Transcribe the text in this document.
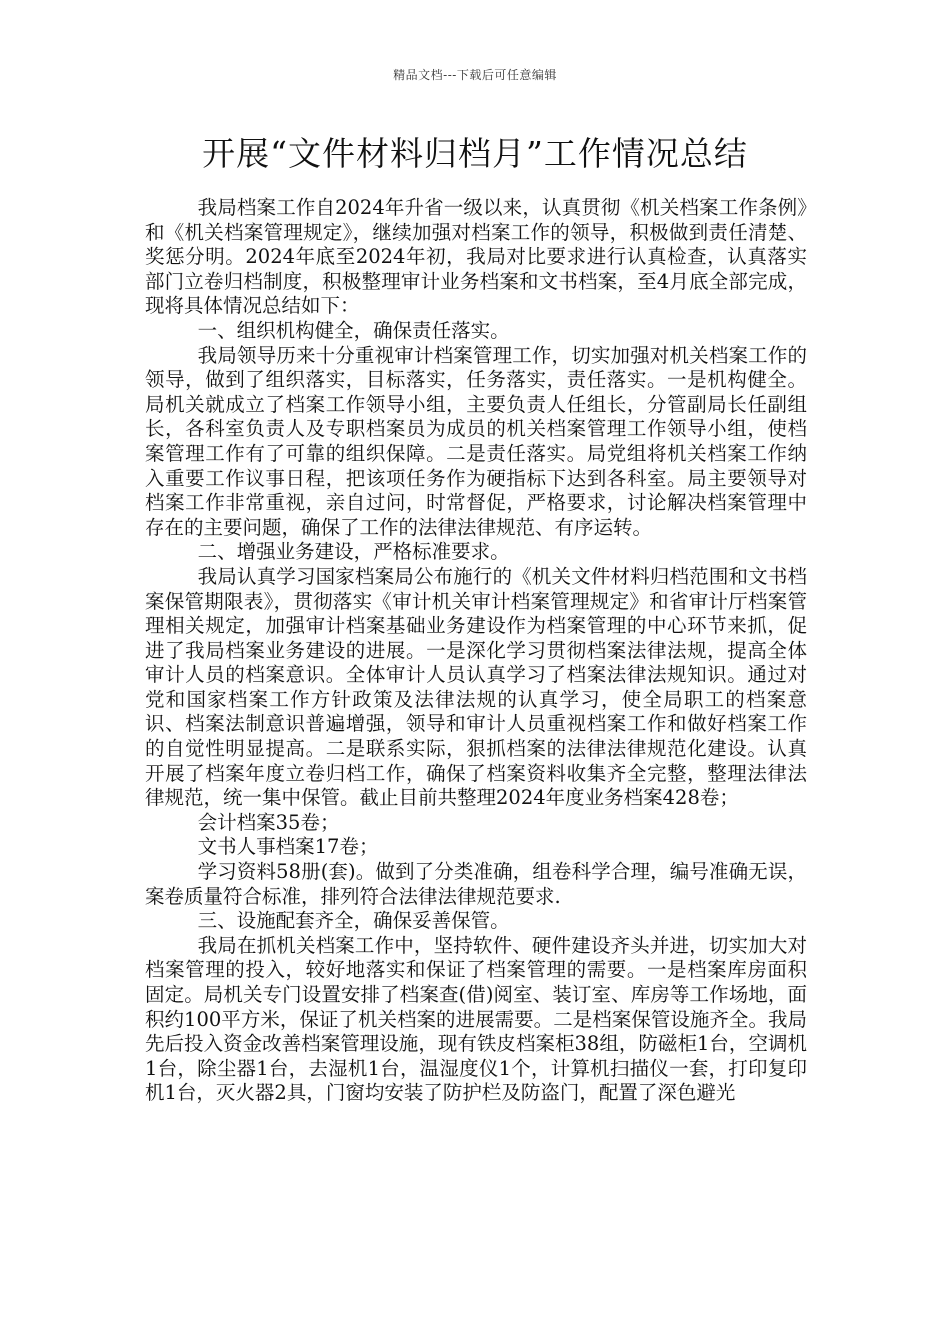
精品文档---下载后可任意编辑
开展“文件材料归档月”工作情况总结

我局档案工作自2024年升省一级以来，认真贯彻《机关档案工作条例》和《机关档案管理规定》，继续加强对档案工作的领导，积极做到责任清楚、奖惩分明。2024年底至2024年初，我局对比要求进行认真检查，认真落实部门立卷归档制度，积极整理审计业务档案和文书档案，至4月底全部完成，现将具体情况总结如下：

一、组织机构健全，确保责任落实。

我局领导历来十分重视审计档案管理工作，切实加强对机关档案工作的领导，做到了组织落实，目标落实，任务落实，责任落实。一是机构健全。局机关就成立了档案工作领导小组，主要负责人任组长，分管副局长任副组长，各科室负责人及专职档案员为成员的机关档案管理工作领导小组，使档案管理工作有了可靠的组织保障。二是责任落实。局党组将机关档案工作纳入重要工作议事日程，把该项任务作为硬指标下达到各科室。局主要领导对档案工作非常重视，亲自过问，时常督促，严格要求，讨论解决档案管理中存在的主要问题，确保了工作的法律法律规范、有序运转。

二、增强业务建设，严格标准要求。

我局认真学习国家档案局公布施行的《机关文件材料归档范围和文书档案保管期限表》，贯彻落实《审计机关审计档案管理规定》和省审计厅档案管理相关规定，加强审计档案基础业务建设作为档案管理的中心环节来抓，促进了我局档案业务建设的进展。一是深化学习贯彻档案法律法规，提高全体审计人员的档案意识。全体审计人员认真学习了档案法律法规知识。通过对党和国家档案工作方针政策及法律法规的认真学习，使全局职工的档案意识、档案法制意识普遍增强，领导和审计人员重视档案工作和做好档案工作的自觉性明显提高。二是联系实际，狠抓档案的法律法律规范化建设。认真开展了档案年度立卷归档工作，确保了档案资料收集齐全完整，整理法律法律规范，统一集中保管。截止目前共整理2024年度业务档案428卷；

会计档案35卷；

文书人事档案17卷；

学习资料58册(套)。做到了分类准确，组卷科学合理，编号准确无误，案卷质量符合标准，排列符合法律法律规范要求.

三、设施配套齐全，确保妥善保管。

我局在抓机关档案工作中，坚持软件、硬件建设齐头并进，切实加大对档案管理的投入，较好地落实和保证了档案管理的需要。一是档案库房面积固定。局机关专门设置安排了档案查(借)阅室、装订室、库房等工作场地，面积约100平方米，保证了机关档案的进展需要。二是档案保管设施齐全。我局先后投入资金改善档案管理设施，现有铁皮档案柜38组，防磁柜1台，空调机1台，除尘器1台，去湿机1台，温湿度仪1个，计算机扫描仪一套，打印复印机1台，灭火器2具，门窗均安装了防护栏及防盗门，配置了深色避光
